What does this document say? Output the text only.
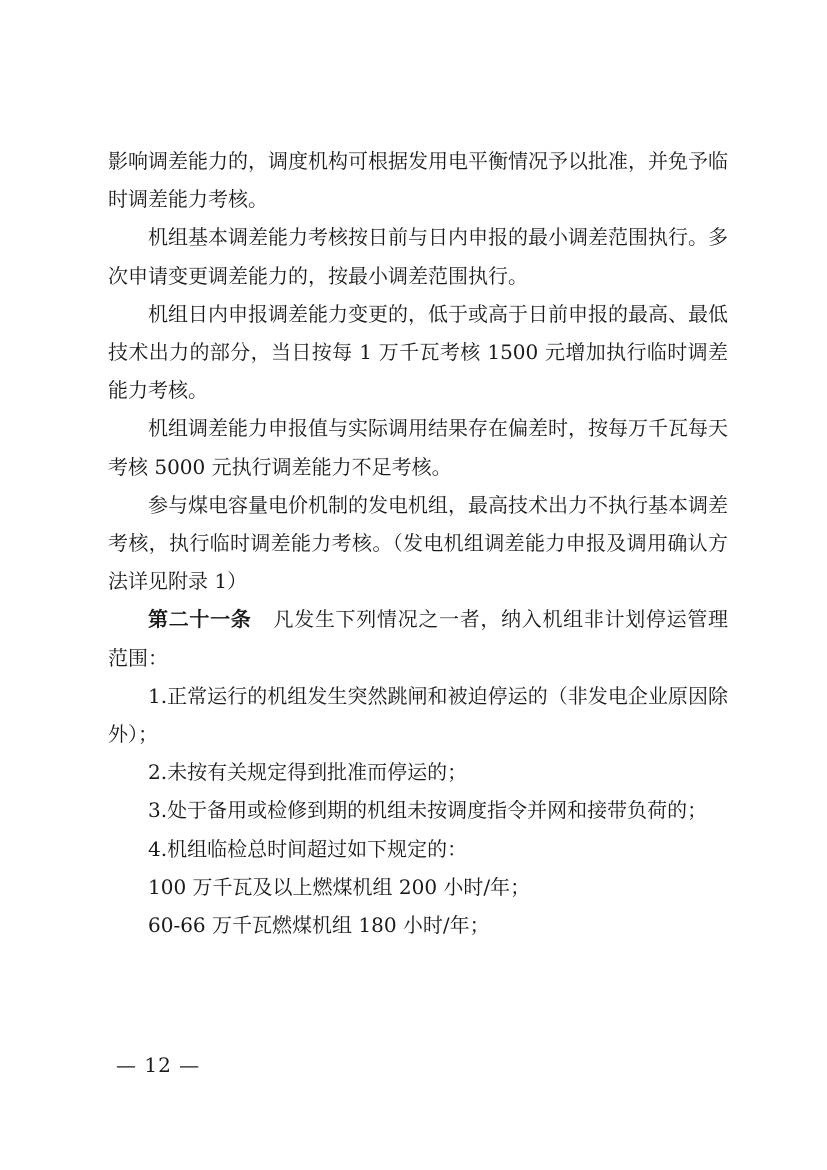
影响调差能力的，调度机构可根据发用电平衡情况予以批准，并免予临时调差能力考核。

机组基本调差能力考核按日前与日内申报的最小调差范围执行。多次申请变更调差能力的，按最小调差范围执行。

机组日内申报调差能力变更的，低于或高于日前申报的最高、最低技术出力的部分，当日按每 1 万千瓦考核 1500 元增加执行临时调差能力考核。

机组调差能力申报值与实际调用结果存在偏差时，按每万千瓦每天考核 5000 元执行调差能力不足考核。

参与煤电容量电价机制的发电机组，最高技术出力不执行基本调差考核，执行临时调差能力考核。（发电机组调差能力申报及调用确认方法详见附录 1）

第二十一条 凡发生下列情况之一者，纳入机组非计划停运管理范围：

1.正常运行的机组发生突然跳闸和被迫停运的（非发电企业原因除外）；

2.未按有关规定得到批准而停运的；

3.处于备用或检修到期的机组未按调度指令并网和接带负荷的；

4.机组临检总时间超过如下规定的：

100 万千瓦及以上燃煤机组 200 小时/年；

60-66 万千瓦燃煤机组 180 小时/年；

— 12 —
